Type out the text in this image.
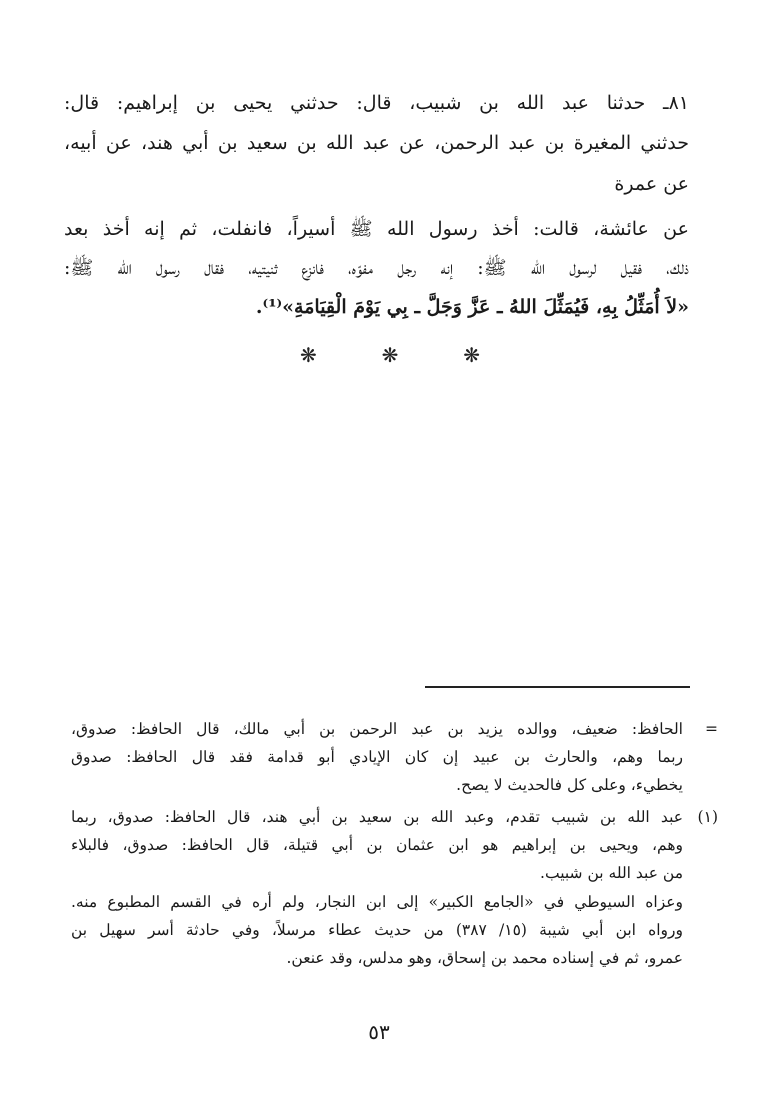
٨١ـ حدثنا عبد الله بن شبيب، قال: حدثني يحيى بن إبراهيم: قال:
حدثني المغيرة بن عبد الرحمن، عن عبد الله بن سعيد بن أبي هند، عن أبيه،
عن عمرة
عن عائشة، قالت: أخذ رسول الله ﷺ أسيراً، فانفلت، ثم إنه أخذ بعد
ذلك، فقيل لرسول الله ﷺ: إنه رجل مفوّه، فانزع ثنيتيه، فقال رسول الله ﷺ:
«لاَ أُمَثِّلُ بِهِ، فَيُمَثِّلَ اللهُ ـ عَزَّ وَجَلَّ ـ بِي يَوْمَ الْقِيَامَةِ»⁽¹⁾.
❋	❋	❋
=
الحافظ: ضعيف، ووالده يزيد بن عبد الرحمن بن أبي مالك، قال الحافظ: صدوق،
ربما وهم، والحارث بن عبيد إن كان الإيادي أبو قدامة فقد قال الحافظ: صدوق
يخطيء، وعلى كل فالحديث لا يصح.
(١)
عبد الله بن شبيب تقدم، وعبد الله بن سعيد بن أبي هند، قال الحافظ: صدوق، ربما
وهم، ويحيى بن إبراهيم هو ابن عثمان بن أبي قتيلة، قال الحافظ: صدوق، فالبلاء
من عبد الله بن شبيب.
وعزاه السيوطي في «الجامع الكبير» إلى ابن النجار، ولم أره في القسم المطبوع منه.
ورواه ابن أبي شيبة (١٥/ ٣٨٧) من حديث عطاء مرسلاً، وفي حادثة أسر سهيل بن
عمرو، ثم في إسناده محمد بن إسحاق، وهو مدلس، وقد عنعن.
٥٣
